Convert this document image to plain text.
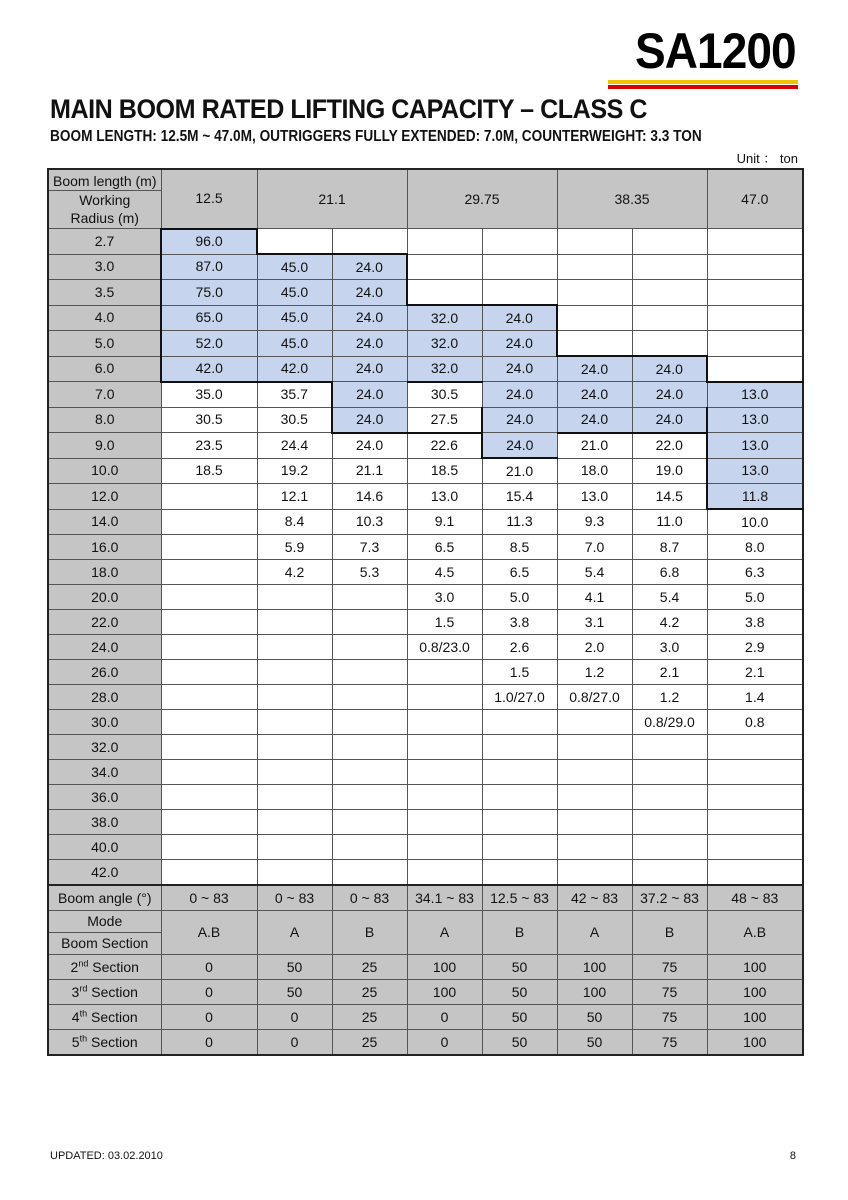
SA1200
MAIN BOOM RATED LIFTING CAPACITY – CLASS C
BOOM LENGTH: 12.5M ~ 47.0M, OUTRIGGERS FULLY EXTENDED: 7.0M, COUNTERWEIGHT: 3.3 TON
Unit ： ton
Boom length (m)
Working Radius (m)	12.5	21.1		29.75		38.35		47.0
2.7	96.0							
3.0	87.0	45.0	24.0					
3.5	75.0	45.0	24.0					
4.0	65.0	45.0	24.0	32.0	24.0			
5.0	52.0	45.0	24.0	32.0	24.0			
6.0	42.0	42.0	24.0	32.0	24.0	24.0	24.0	
7.0	35.0	35.7	24.0	30.5	24.0	24.0	24.0	13.0
8.0	30.5	30.5	24.0	27.5	24.0	24.0	24.0	13.0
9.0	23.5	24.4	24.0	22.6	24.0	21.0	22.0	13.0
10.0	18.5	19.2	21.1	18.5	21.0	18.0	19.0	13.0
12.0		12.1	14.6	13.0	15.4	13.0	14.5	11.8
14.0		8.4	10.3	9.1	11.3	9.3	11.0	10.0
16.0		5.9	7.3	6.5	8.5	7.0	8.7	8.0
18.0		4.2	5.3	4.5	6.5	5.4	6.8	6.3
20.0				3.0	5.0	4.1	5.4	5.0
22.0				1.5	3.8	3.1	4.2	3.8
24.0				0.8/23.0	2.6	2.0	3.0	2.9
26.0					1.5	1.2	2.1	2.1
28.0					1.0/27.0	0.8/27.0	1.2	1.4
30.0							0.8/29.0	0.8
32.0								
34.0								
36.0								
38.0								
40.0								
42.0								
Boom angle (°)	0 ~ 83	0 ~ 83	0 ~ 83	34.1 ~ 83	12.5 ~ 83	42 ~ 83	37.2 ~ 83	48 ~ 83

Mode
Boom Section	A.B	A	B	A	B	A	B	A.B
2nd Section	0	50	25	100	50	100	75	100
3rd Section	0	50	25	100	50	100	75	100
4th Section	0	0	25	0	50	50	75	100
5th Section	0	0	25	0	50	50	75	100
UPDATED: 03.02.2010	8
